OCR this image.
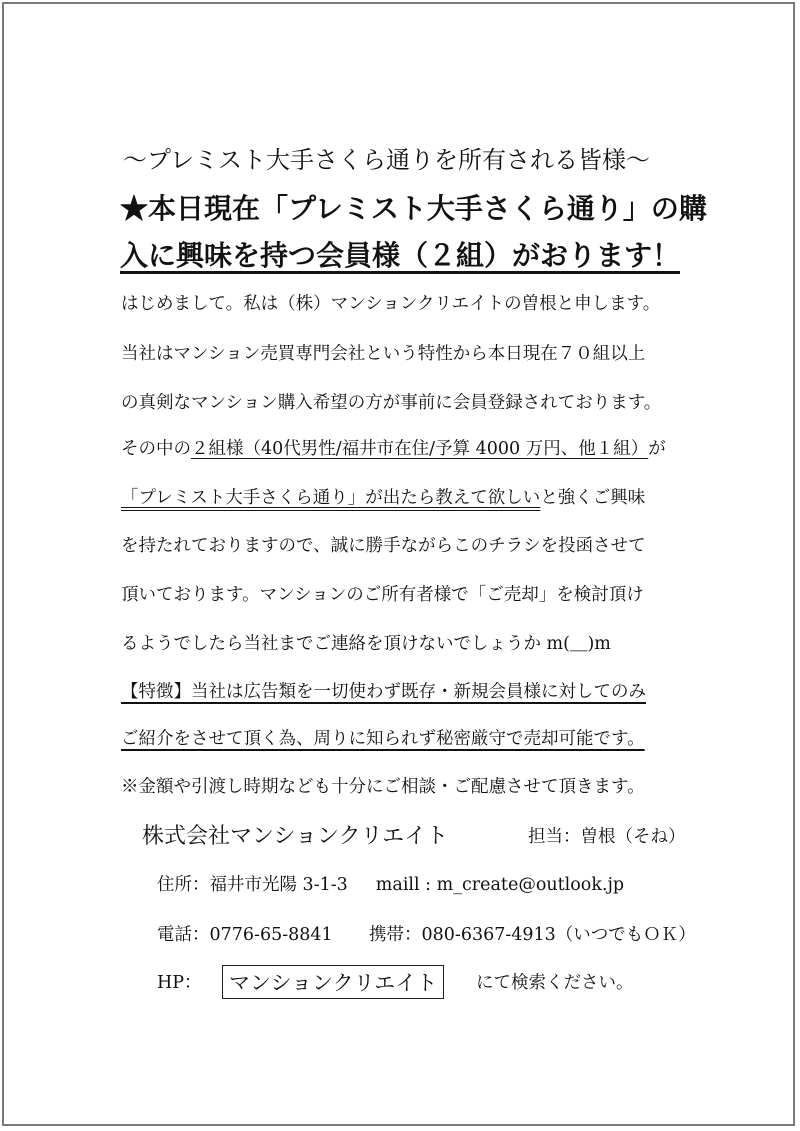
～プレミスト大手さくら通りを所有される皆様～
★本日現在「プレミスト大手さくら通り」の購
入に興味を持つ会員様（２組）がおります！
はじめまして。私は（株）マンションクリエイトの曽根と申します。
当社はマンション売買専門会社という特性から本日現在７０組以上
の真剣なマンション購入希望の方が事前に会員登録されております。
その中の２組様（40代男性/福井市在住/予算 4000 万円、他１組）が
「プレミスト大手さくら通り」が出たら教えて欲しいと強くご興味
を持たれておりますので、誠に勝手ながらこのチラシを投函させて
頂いております。マンションのご所有者様で「ご売却」を検討頂け
るようでしたら当社までご連絡を頂けないでしょうか m(＿)m
【特徴】当社は広告類を一切使わず既存・新規会員様に対してのみ
ご紹介をさせて頂く為、周りに知られず秘密厳守で売却可能です。
※金額や引渡し時期なども十分にご相談・ご配慮させて頂きます。
株式会社マンションクリエイト	担当：曽根（そね）
住所：福井市光陽 3-1-3 maill : m_create@outlook.jp
電話：0776-65-8841 携帯：080-6367-4913（いつでもＯＫ）
HP：	マンションクリエイト	にて検索ください。
